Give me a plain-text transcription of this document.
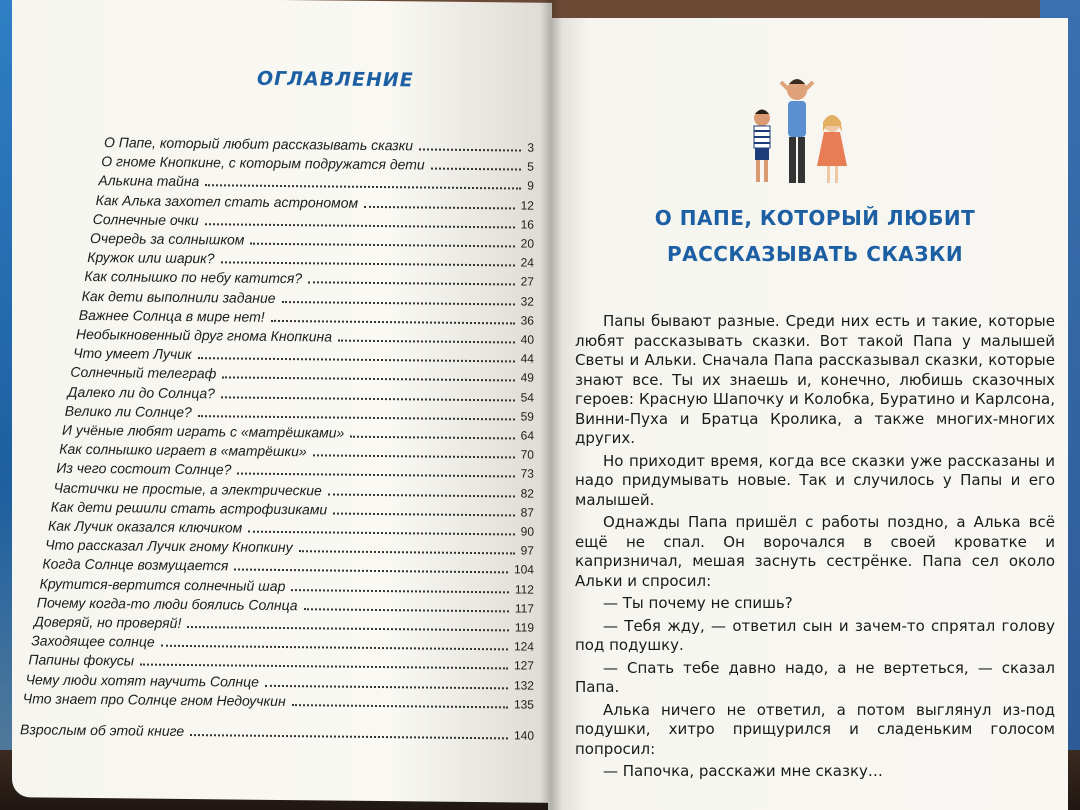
ОГЛАВЛЕНИЕ
О Папе, который любит рассказывать сказки	3
О гноме Кнопкине, с которым подружатся дети	5
Алькина тайна	9
Как Алька захотел стать астрономом	12
Солнечные очки	16
Очередь за солнышком	20
Кружок или шарик?	24
Как солнышко по небу катится?	27
Как дети выполнили задание	32
Важнее Солнца в мире нет!	36
Необыкновенный друг гнома Кнопкина	40
Что умеет Лучик	44
Солнечный телеграф	49
Далеко ли до Солнца?	54
Велико ли Солнце?	59
И учёные любят играть с «матрёшками»	64
Как солнышко играет в «матрёшки»	70
Из чего состоит Солнце?	73
Частички не простые, а электрические	82
Как дети решили стать астрофизиками	87
Как Лучик оказался ключиком	90
Что рассказал Лучик гному Кнопкину	97
Когда Солнце возмущается	104
Крутится-вертится солнечный шар	112
Почему когда-то люди боялись Солнца	117
Доверяй, но проверяй!	119
Заходящее солнце	124
Папины фокусы	127
Чему люди хотят научить Солнце	132
Что знает про Солнце гном Недоучкин	135
Взрослым об этой книге	140
О ПАПЕ, КОТОРЫЙ ЛЮБИТ
РАССКАЗЫВАТЬ СКАЗКИ

Папы бывают разные. Среди них есть и такие, которые любят рассказывать сказки. Вот такой Папа у малышей Светы и Альки. Сначала Папа рассказывал сказки, которые знают все. Ты их знаешь и, конечно, любишь сказочных героев: Красную Шапочку и Колобка, Буратино и Карлсона, Винни-Пуха и Братца Кролика, а также многих-многих других.

Но приходит время, когда все сказки уже рассказаны и надо придумывать новые. Так и случилось у Папы и его малышей.

Однажды Папа пришёл с работы поздно, а Алька всё ещё не спал. Он ворочался в своей кроватке и капризничал, мешая заснуть сестрёнке. Папа сел около Альки и спросил:

— Ты почему не спишь?

— Тебя жду, — ответил сын и зачем-то спрятал голову под подушку.

— Спать тебе давно надо, а не вертеться, — сказал Папа.

Алька ничего не ответил, а потом выглянул из-под подушки, хитро прищурился и сладеньким голосом попросил:

— Папочка, расскажи мне сказку…
